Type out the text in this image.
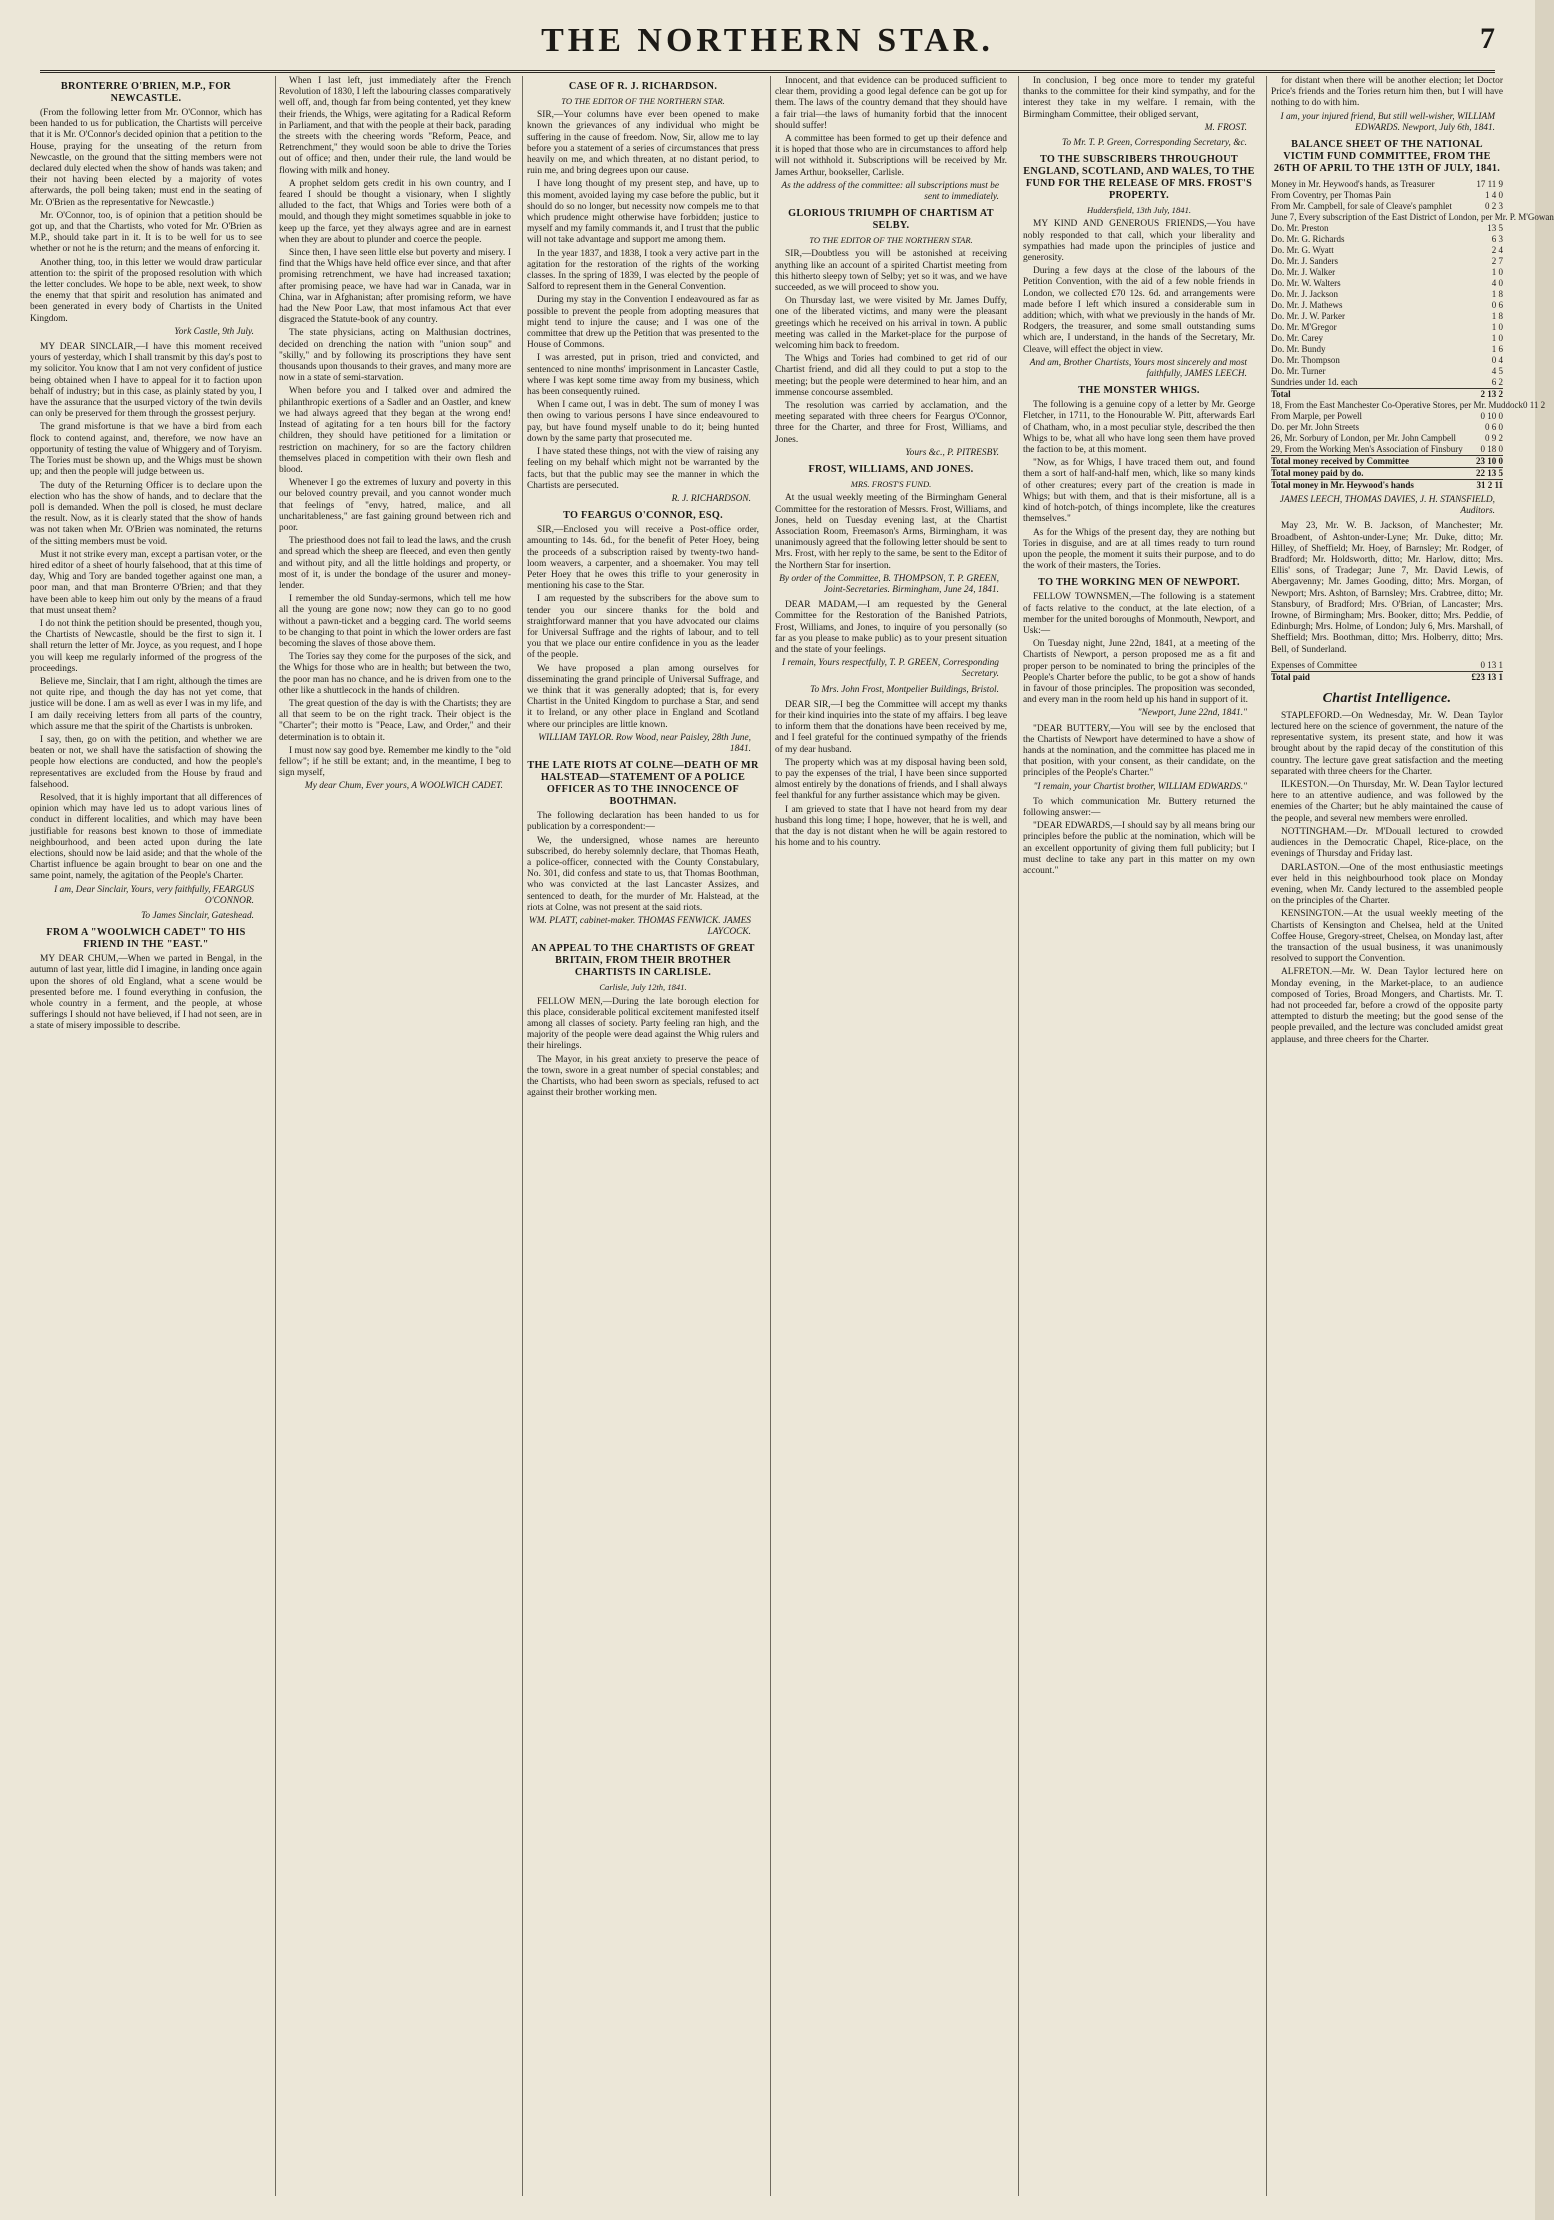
THE NORTHERN STAR.	7
BRONTERRE O'BRIEN, M.P., FOR NEWCASTLE.

(From the following letter from Mr. O'Connor, which has been handed to us for publication, the Chartists will perceive that it is Mr. O'Connor's decided opinion that a petition to the House, praying for the unseating of the return from Newcastle, on the ground that the sitting members were not declared duly elected when the show of hands was taken; and their not having been elected by a majority of votes afterwards, the poll being taken; must end in the seating of Mr. O'Brien as the representative for Newcastle.)

Mr. O'Connor, too, is of opinion that a petition should be got up, and that the Chartists, who voted for Mr. O'Brien as M.P., should take part in it. It is to be well for us to see whether or not he is the return; and the means of enforcing it.

Another thing, too, in this letter we would draw particular attention to: the spirit of the proposed resolution with which the letter concludes. We hope to be able, next week, to show the enemy that that spirit and resolution has animated and been generated in every body of Chartists in the United Kingdom.

York Castle, 9th July.

MY DEAR SINCLAIR,—I have this moment received yours of yesterday, which I shall transmit by this day's post to my solicitor. You know that I am not very confident of justice being obtained when I have to appeal for it to faction upon behalf of industry; but in this case, as plainly stated by you, I have the assurance that the usurped victory of the twin devils can only be preserved for them through the grossest perjury.

The grand misfortune is that we have a bird from each flock to contend against, and, therefore, we now have an opportunity of testing the value of Whiggery and of Toryism. The Tories must be shown up, and the Whigs must be shown up; and then the people will judge between us.

The duty of the Returning Officer is to declare upon the election who has the show of hands, and to declare that the poll is demanded. When the poll is closed, he must declare the result. Now, as it is clearly stated that the show of hands was not taken when Mr. O'Brien was nominated, the returns of the sitting members must be void.

Must it not strike every man, except a partisan voter, or the hired editor of a sheet of hourly falsehood, that at this time of day, Whig and Tory are banded together against one man, a poor man, and that man Bronterre O'Brien; and that they have been able to keep him out only by the means of a fraud that must unseat them?

I do not think the petition should be presented, though you, the Chartists of Newcastle, should be the first to sign it. I shall return the letter of Mr. Joyce, as you request, and I hope you will keep me regularly informed of the progress of the proceedings.

Believe me, Sinclair, that I am right, although the times are not quite ripe, and though the day has not yet come, that justice will be done. I am as well as ever I was in my life, and I am daily receiving letters from all parts of the country, which assure me that the spirit of the Chartists is unbroken.

I say, then, go on with the petition, and whether we are beaten or not, we shall have the satisfaction of showing the people how elections are conducted, and how the people's representatives are excluded from the House by fraud and falsehood.

Resolved, that it is highly important that all differences of opinion which may have led us to adopt various lines of conduct in different localities, and which may have been justifiable for reasons best known to those of immediate neighbourhood, and been acted upon during the late elections, should now be laid aside; and that the whole of the Chartist influence be again brought to bear on one and the same point, namely, the agitation of the People's Charter.

I am, Dear Sinclair, Yours, very faithfully, FEARGUS O'CONNOR.
To James Sinclair, Gateshead.
FROM A "WOOLWICH CADET" TO HIS FRIEND IN THE "EAST."

MY DEAR CHUM,—When we parted in Bengal, in the autumn of last year, little did I imagine, in landing once again upon the shores of old England, what a scene would be presented before me. I found everything in confusion, the whole country in a ferment, and the people, at whose sufferings I should not have believed, if I had not seen, are in a state of misery impossible to describe.

When I last left, just immediately after the French Revolution of 1830, I left the labouring classes comparatively well off, and, though far from being contented, yet they knew their friends, the Whigs, were agitating for a Radical Reform in Parliament, and that with the people at their back, parading the streets with the cheering words "Reform, Peace, and Retrenchment," they would soon be able to drive the Tories out of office; and then, under their rule, the land would be flowing with milk and honey.

A prophet seldom gets credit in his own country, and I feared I should be thought a visionary, when I slightly alluded to the fact, that Whigs and Tories were both of a mould, and though they might sometimes squabble in joke to keep up the farce, yet they always agree and are in earnest when they are about to plunder and coerce the people.

Since then, I have seen little else but poverty and misery. I find that the Whigs have held office ever since, and that after promising retrenchment, we have had increased taxation; after promising peace, we have had war in Canada, war in China, war in Afghanistan; after promising reform, we have had the New Poor Law, that most infamous Act that ever disgraced the Statute-book of any country.

The state physicians, acting on Malthusian doctrines, decided on drenching the nation with "union soup" and "skilly," and by following its proscriptions they have sent thousands upon thousands to their graves, and many more are now in a state of semi-starvation.

When before you and I talked over and admired the philanthropic exertions of a Sadler and an Oastler, and knew we had always agreed that they began at the wrong end! Instead of agitating for a ten hours bill for the factory children, they should have petitioned for a limitation or restriction on machinery, for so are the factory children themselves placed in competition with their own flesh and blood.

Whenever I go the extremes of luxury and poverty in this our beloved country prevail, and you cannot wonder much that feelings of "envy, hatred, malice, and all uncharitableness," are fast gaining ground between rich and poor.

The priesthood does not fail to lead the laws, and the crush and spread which the sheep are fleeced, and even then gently and without pity, and all the little holdings and property, or most of it, is under the bondage of the usurer and money-lender.

I remember the old Sunday-sermons, which tell me how all the young are gone now; now they can go to no good without a pawn-ticket and a begging card. The world seems to be changing to that point in which the lower orders are fast becoming the slaves of those above them.

The Tories say they come for the purposes of the sick, and the Whigs for those who are in health; but between the two, the poor man has no chance, and he is driven from one to the other like a shuttlecock in the hands of children.

The great question of the day is with the Chartists; they are all that seem to be on the right track. Their object is the "Charter"; their motto is "Peace, Law, and Order," and their determination is to obtain it.

I must now say good bye. Remember me kindly to the "old fellow"; if he still be extant; and, in the meantime, I beg to sign myself,

My dear Chum, Ever yours, A WOOLWICH CADET.
CASE OF R. J. RICHARDSON.
TO THE EDITOR OF THE NORTHERN STAR.

SIR,—Your columns have ever been opened to make known the grievances of any individual who might be suffering in the cause of freedom. Now, Sir, allow me to lay before you a statement of a series of circumstances that press heavily on me, and which threaten, at no distant period, to ruin me, and bring degrees upon our cause.

I have long thought of my present step, and have, up to this moment, avoided laying my case before the public, but it should do so no longer, but necessity now compels me to that which prudence might otherwise have forbidden; justice to myself and my family commands it, and I trust that the public will not take advantage and support me among them.

In the year 1837, and 1838, I took a very active part in the agitation for the restoration of the rights of the working classes. In the spring of 1839, I was elected by the people of Salford to represent them in the General Convention.

During my stay in the Convention I endeavoured as far as possible to prevent the people from adopting measures that might tend to injure the cause; and I was one of the committee that drew up the Petition that was presented to the House of Commons.

I was arrested, put in prison, tried and convicted, and sentenced to nine months' imprisonment in Lancaster Castle, where I was kept some time away from my business, which has been consequently ruined.

When I came out, I was in debt. The sum of money I was then owing to various persons I have since endeavoured to pay, but have found myself unable to do it; being hunted down by the same party that prosecuted me.

I have stated these things, not with the view of raising any feeling on my behalf which might not be warranted by the facts, but that the public may see the manner in which the Chartists are persecuted.

R. J. RICHARDSON.
TO FEARGUS O'CONNOR, ESQ.

SIR,—Enclosed you will receive a Post-office order, amounting to 14s. 6d., for the benefit of Peter Hoey, being the proceeds of a subscription raised by twenty-two hand-loom weavers, a carpenter, and a shoemaker. You may tell Peter Hoey that he owes this trifle to your generosity in mentioning his case to the Star.

I am requested by the subscribers for the above sum to tender you our sincere thanks for the bold and straightforward manner that you have advocated our claims for Universal Suffrage and the rights of labour, and to tell you that we place our entire confidence in you as the leader of the people.

We have proposed a plan among ourselves for disseminating the grand principle of Universal Suffrage, and we think that it was generally adopted; that is, for every Chartist in the United Kingdom to purchase a Star, and send it to Ireland, or any other place in England and Scotland where our principles are little known.

WILLIAM TAYLOR. Row Wood, near Paisley, 28th June, 1841.
THE LATE RIOTS AT COLNE—DEATH OF MR HALSTEAD—STATEMENT OF A POLICE OFFICER AS TO THE INNOCENCE OF BOOTHMAN.

The following declaration has been handed to us for publication by a correspondent:—

We, the undersigned, whose names are hereunto subscribed, do hereby solemnly declare, that Thomas Heath, a police-officer, connected with the County Constabulary, No. 301, did confess and state to us, that Thomas Boothman, who was convicted at the last Lancaster Assizes, and sentenced to death, for the murder of Mr. Halstead, at the riots at Colne, was not present at the said riots.

WM. PLATT, cabinet-maker. THOMAS FENWICK. JAMES LAYCOCK.
AN APPEAL TO THE CHARTISTS OF GREAT BRITAIN, FROM THEIR BROTHER CHARTISTS IN CARLISLE.
Carlisle, July 12th, 1841.

FELLOW MEN,—During the late borough election for this place, considerable political excitement manifested itself among all classes of society. Party feeling ran high, and the majority of the people were dead against the Whig rulers and their hirelings.

The Mayor, in his great anxiety to preserve the peace of the town, swore in a great number of special constables; and the Chartists, who had been sworn as specials, refused to act against their brother working men.

Innocent, and that evidence can be produced sufficient to clear them, providing a good legal defence can be got up for them. The laws of the country demand that they should have a fair trial—the laws of humanity forbid that the innocent should suffer!

A committee has been formed to get up their defence and it is hoped that those who are in circumstances to afford help will not withhold it. Subscriptions will be received by Mr. James Arthur, bookseller, Carlisle.

As the address of the committee: all subscriptions must be sent to immediately.
GLORIOUS TRIUMPH OF CHARTISM AT SELBY.
TO THE EDITOR OF THE NORTHERN STAR.

SIR,—Doubtless you will be astonished at receiving anything like an account of a spirited Chartist meeting from this hitherto sleepy town of Selby; yet so it was, and we have succeeded, as we will proceed to show you.

On Thursday last, we were visited by Mr. James Duffy, one of the liberated victims, and many were the pleasant greetings which he received on his arrival in town. A public meeting was called in the Market-place for the purpose of welcoming him back to freedom.

The Whigs and Tories had combined to get rid of our Chartist friend, and did all they could to put a stop to the meeting; but the people were determined to hear him, and an immense concourse assembled.

The resolution was carried by acclamation, and the meeting separated with three cheers for Feargus O'Connor, three for the Charter, and three for Frost, Williams, and Jones.

Yours &c., P. PITRESBY.
FROST, WILLIAMS, AND JONES.
MRS. FROST'S FUND.

At the usual weekly meeting of the Birmingham General Committee for the restoration of Messrs. Frost, Williams, and Jones, held on Tuesday evening last, at the Chartist Association Room, Freemason's Arms, Birmingham, it was unanimously agreed that the following letter should be sent to Mrs. Frost, with her reply to the same, be sent to the Editor of the Northern Star for insertion.

By order of the Committee, B. THOMPSON, T. P. GREEN, Joint-Secretaries. Birmingham, June 24, 1841.

DEAR MADAM,—I am requested by the General Committee for the Restoration of the Banished Patriots, Frost, Williams, and Jones, to inquire of you personally (so far as you please to make public) as to your present situation and the state of your feelings.

I remain, Yours respectfully, T. P. GREEN, Corresponding Secretary.
To Mrs. John Frost, Montpelier Buildings, Bristol.

DEAR SIR,—I beg the Committee will accept my thanks for their kind inquiries into the state of my affairs. I beg leave to inform them that the donations have been received by me, and I feel grateful for the continued sympathy of the friends of my dear husband.

The property which was at my disposal having been sold, to pay the expenses of the trial, I have been since supported almost entirely by the donations of friends, and I shall always feel thankful for any further assistance which may be given.

I am grieved to state that I have not heard from my dear husband this long time; I hope, however, that he is well, and that the day is not distant when he will be again restored to his home and to his country.

In conclusion, I beg once more to tender my grateful thanks to the committee for their kind sympathy, and for the interest they take in my welfare. I remain, with the Birmingham Committee, their obliged servant,

M. FROST.
To Mr. T. P. Green, Corresponding Secretary, &c.
TO THE SUBSCRIBERS THROUGHOUT ENGLAND, SCOTLAND, AND WALES, TO THE FUND FOR THE RELEASE OF MRS. FROST'S PROPERTY.
Huddersfield, 13th July, 1841.

MY KIND AND GENEROUS FRIENDS,—You have nobly responded to that call, which your liberality and sympathies had made upon the principles of justice and generosity.

During a few days at the close of the labours of the Petition Convention, with the aid of a few noble friends in London, we collected £70 12s. 6d. and arrangements were made before I left which insured a considerable sum in addition; which, with what we previously in the hands of Mr. Rodgers, the treasurer, and some small outstanding sums which are, I understand, in the hands of the Secretary, Mr. Cleave, will effect the object in view.

And am, Brother Chartists, Yours most sincerely and most faithfully, JAMES LEECH.
THE MONSTER WHIGS.

The following is a genuine copy of a letter by Mr. George Fletcher, in 1711, to the Honourable W. Pitt, afterwards Earl of Chatham, who, in a most peculiar style, described the then Whigs to be, what all who have long seen them have proved the faction to be, at this moment.

"Now, as for Whigs, I have traced them out, and found them a sort of half-and-half men, which, like so many kinds of other creatures; every part of the creation is made in Whigs; but with them, and that is their misfortune, all is a kind of hotch-potch, of things incomplete, like the creatures themselves."

As for the Whigs of the present day, they are nothing but Tories in disguise, and are at all times ready to turn round upon the people, the moment it suits their purpose, and to do the work of their masters, the Tories.

TO THE WORKING MEN OF NEWPORT.

FELLOW TOWNSMEN,—The following is a statement of facts relative to the conduct, at the late election, of a member for the united boroughs of Monmouth, Newport, and Usk:—

On Tuesday night, June 22nd, 1841, at a meeting of the Chartists of Newport, a person proposed me as a fit and proper person to be nominated to bring the principles of the People's Charter before the public, to be got a show of hands in favour of those principles. The proposition was seconded, and every man in the room held up his hand in support of it.

"Newport, June 22nd, 1841."

"DEAR BUTTERY,—You will see by the enclosed that the Chartists of Newport have determined to have a show of hands at the nomination, and the committee has placed me in that position, with your consent, as their candidate, on the principles of the People's Charter."

"I remain, your Chartist brother, WILLIAM EDWARDS."

To which communication Mr. Buttery returned the following answer:—

"DEAR EDWARDS,—I should say by all means bring our principles before the public at the nomination, which will be an excellent opportunity of giving them full publicity; but I must decline to take any part in this matter on my own account."

for distant when there will be another election; let Doctor Price's friends and the Tories return him then, but I will have nothing to do with him.

I am, your injured friend, But still well-wisher, WILLIAM EDWARDS. Newport, July 6th, 1841.
BALANCE SHEET OF THE NATIONAL VICTIM FUND COMMITTEE, FROM THE 26TH OF APRIL TO THE 13TH OF JULY, 1841.
Money in Mr. Heywood's hands, as Treasurer	17 11 9
From Coventry, per Thomas Pain	1 4 0
From Mr. Campbell, for sale of Cleave's pamphlet	0 2 3
June 7, Every subscription of the East District of London, per Mr. P. M'Gowan
Do. Mr. Preston	13 5
Do. Mr. G. Richards	6 3
Do. Mr. G. Wyatt	2 4
Do. Mr. J. Sanders	2 7
Do. Mr. J. Walker	1 0
Do. Mr. W. Walters	4 0
Do. Mr. J. Jackson	1 8
Do. Mr. J. Mathews	0 6
Do. Mr. J. W. Parker	1 8
Do. Mr. M'Gregor	1 0
Do. Mr. Carey	1 0
Do. Mr. Bundy	1 6
Do. Mr. Thompson	0 4
Do. Mr. Turner	4 5
Sundries under 1d. each	6 2
Total	2 13 2
18, From the East Manchester Co-Operative Stores, per Mr. Muddock 0 11 2
From Marple, per Powell	0 10 0
Do. per Mr. John Streets	0 6 0
26, Mr. Sorbury of London, per Mr. John Campbell	0 9 2
29, From the Working Men's Association of Finsbury	0 18 0
Total money received by Committee	23 10 0
Total money paid by do.	22 13 5
Total money in Mr. Heywood's hands	31 2 11
JAMES LEECH, THOMAS DAVIES, J. H. STANSFIELD, Auditors.

May 23, Mr. W. B. Jackson, of Manchester; Mr. Broadbent, of Ashton-under-Lyne; Mr. Duke, ditto; Mr. Hilley, of Sheffield; Mr. Hoey, of Barnsley; Mr. Rodger, of Bradford; Mr. Holdsworth, ditto; Mr. Harlow, ditto; Mrs. Ellis' sons, of Tradegar; June 7, Mr. David Lewis, of Abergavenny; Mr. James Gooding, ditto; Mrs. Morgan, of Newport; Mrs. Ashton, of Barnsley; Mrs. Crabtree, ditto; Mr. Stansbury, of Bradford; Mrs. O'Brian, of Lancaster; Mrs. Irowne, of Birmingham; Mrs. Booker, ditto; Mrs. Peddie, of Edinburgh; Mrs. Holme, of London; July 6, Mrs. Marshall, of Sheffield; Mrs. Boothman, ditto; Mrs. Holberry, ditto; Mrs. Bell, of Sunderland.

Expenses of Committee	0 13 1
Total paid	£23 13 1
Chartist Intelligence.

STAPLEFORD.—On Wednesday, Mr. W. Dean Taylor lectured here on the science of government, the nature of the representative system, its present state, and how it was brought about by the rapid decay of the constitution of this country. The lecture gave great satisfaction and the meeting separated with three cheers for the Charter.

ILKESTON.—On Thursday, Mr. W. Dean Taylor lectured here to an attentive audience, and was followed by the enemies of the Charter; but he ably maintained the cause of the people, and several new members were enrolled.

NOTTINGHAM.—Dr. M'Douall lectured to crowded audiences in the Democratic Chapel, Rice-place, on the evenings of Thursday and Friday last.

DARLASTON.—One of the most enthusiastic meetings ever held in this neighbourhood took place on Monday evening, when Mr. Candy lectured to the assembled people on the principles of the Charter.

KENSINGTON.—At the usual weekly meeting of the Chartists of Kensington and Chelsea, held at the United Coffee House, Gregory-street, Chelsea, on Monday last, after the transaction of the usual business, it was unanimously resolved to support the Convention.

ALFRETON.—Mr. W. Dean Taylor lectured here on Monday evening, in the Market-place, to an audience composed of Tories, Broad Mongers, and Chartists. Mr. T. had not proceeded far, before a crowd of the opposite party attempted to disturb the meeting; but the good sense of the people prevailed, and the lecture was concluded amidst great applause, and three cheers for the Charter.
